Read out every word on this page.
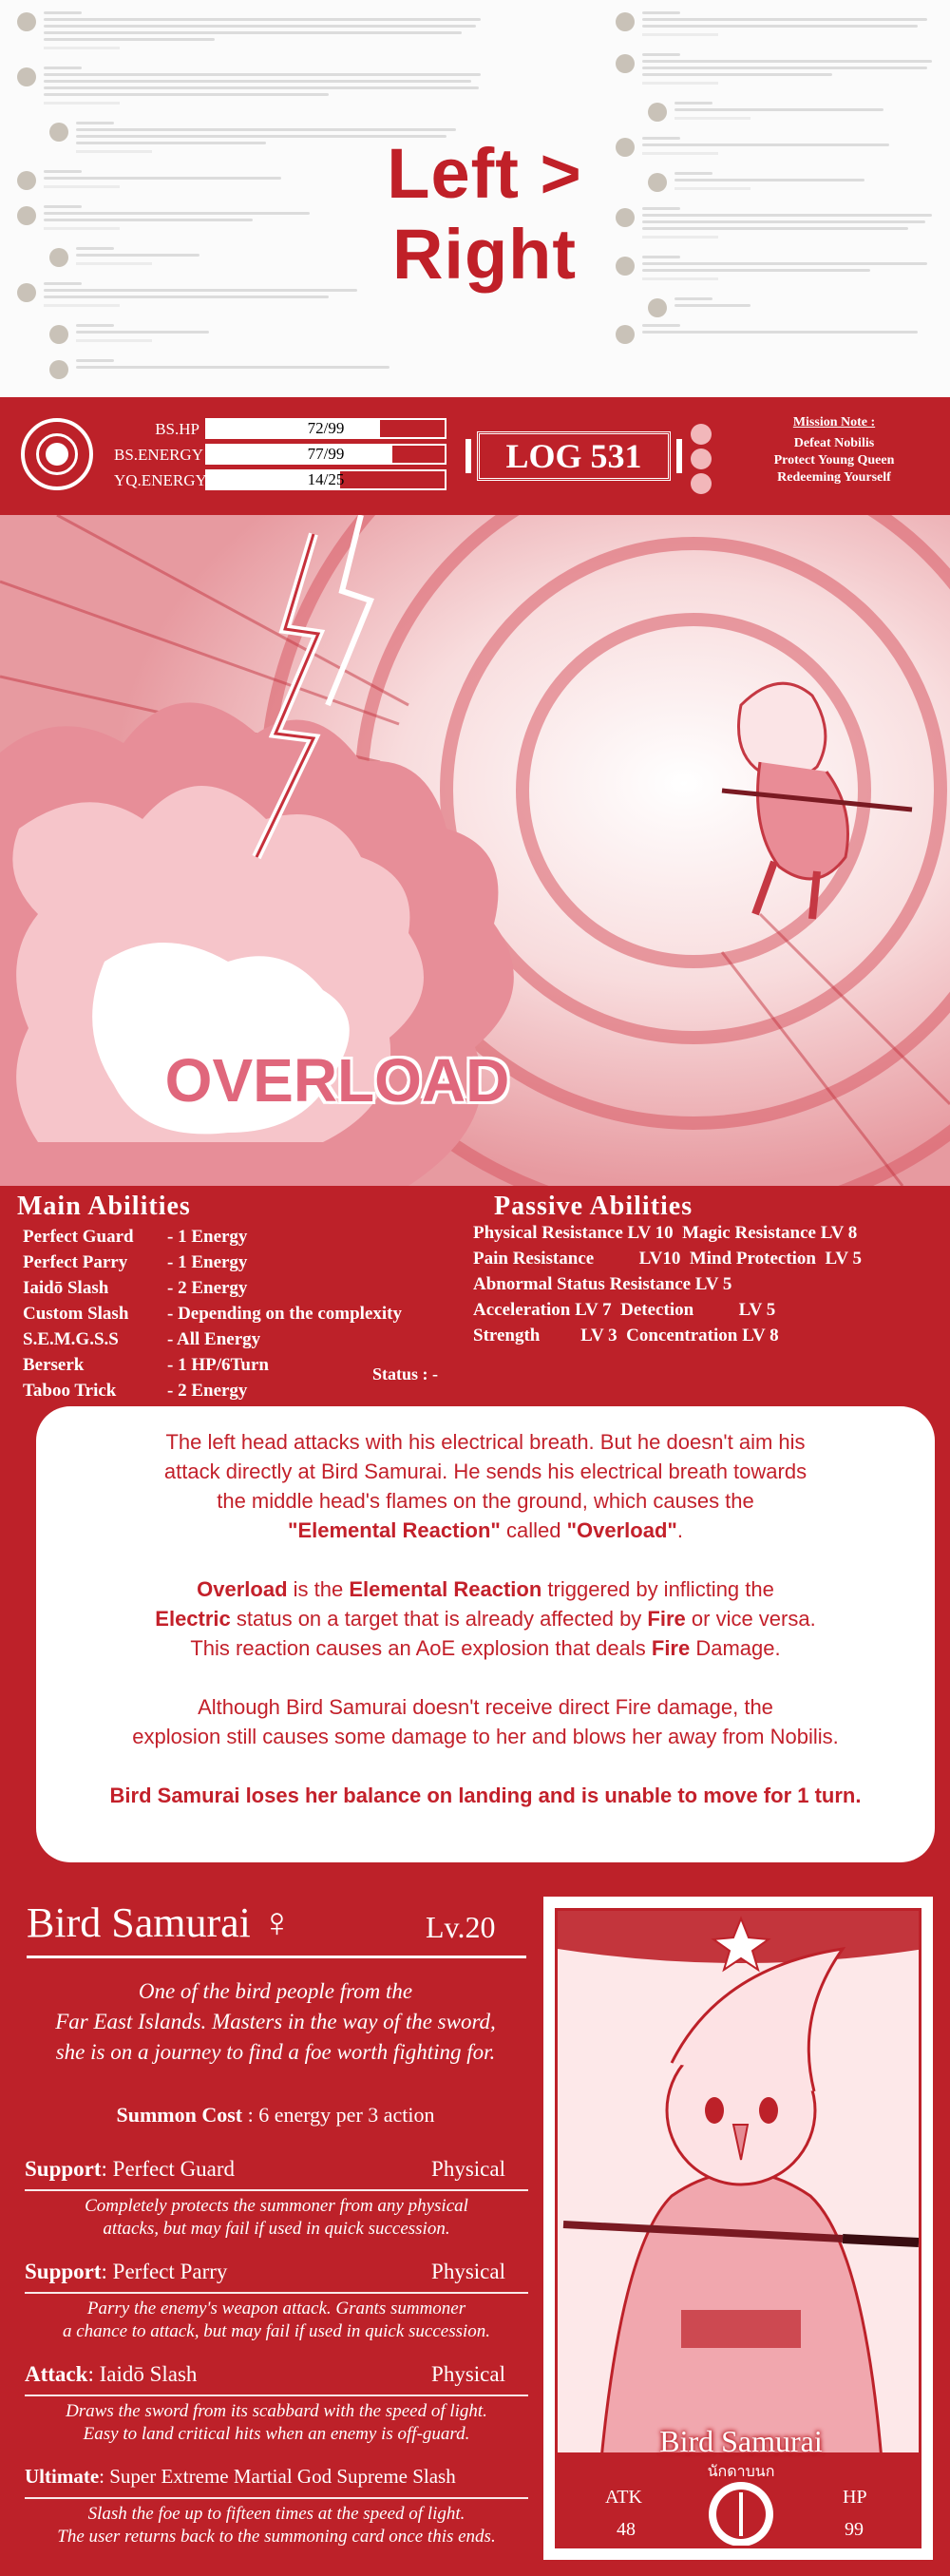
Left > Right
BS.HP	72/99
BS.ENERGY	77/99
YQ.ENERGY	14/25
LOG 531
Mission Note :
Defeat Nobilis
Protect Young Queen
Redeeming Yourself
OVERLOAD
Main Abilities
Perfect Guard - 1 Energy
Perfect Parry - 1 Energy
Iaidō Slash	- 2 Energy
Custom Slash - Depending on the complexity
S.E.M.G.S.S	- All Energy
Berserk	- 1 HP/6Turn
Taboo Trick	- 2 Energy
Status : -
Passive Abilities
Physical Resistance LV 10  Magic Resistance LV 8
Pain Resistance          LV10  Mind Protection  LV 5
Abnormal Status Resistance LV 5
Acceleration LV 7  Detection          LV 5
Strength         LV 3  Concentration LV 8

The left head attacks with his electrical breath. But he doesn't aim his
attack directly at Bird Samurai. He sends his electrical breath towards
the middle head's flames on the ground, which causes the
"Elemental Reaction" called "Overload".

Overload is the Elemental Reaction triggered by inflicting the
Electric status on a target that is already affected by Fire or vice versa.
This reaction causes an AoE explosion that deals Fire Damage.

Although Bird Samurai doesn't receive direct Fire damage, the
explosion still causes some damage to her and blows her away from Nobilis.

Bird Samurai loses her balance on landing and is unable to move for 1 turn.

Bird Samurai ♀	Lv.20
One of the bird people from the
Far East Islands. Masters in the way of the sword,
she is on a journey to find a foe worth fighting for.
Summon Cost : 6 energy per 3 action
Support: Perfect Guard	Physical
Completely protects the summoner from any physical
attacks, but may fail if used in quick succession.
Support: Perfect Parry	Physical
Parry the enemy's weapon attack. Grants summoner
a chance to attack, but may fail if used in quick succession.
Attack: Iaidō Slash	Physical
Draws the sword from its scabbard with the speed of light.
Easy to land critical hits when an enemy is off-guard.
Ultimate: Super Extreme Martial God Supreme Slash
Slash the foe up to fifteen times at the speed of light.
The user returns back to the summoning card once this ends.
Bird Samurai
นักดาบนก
ATK
48
HP
99
